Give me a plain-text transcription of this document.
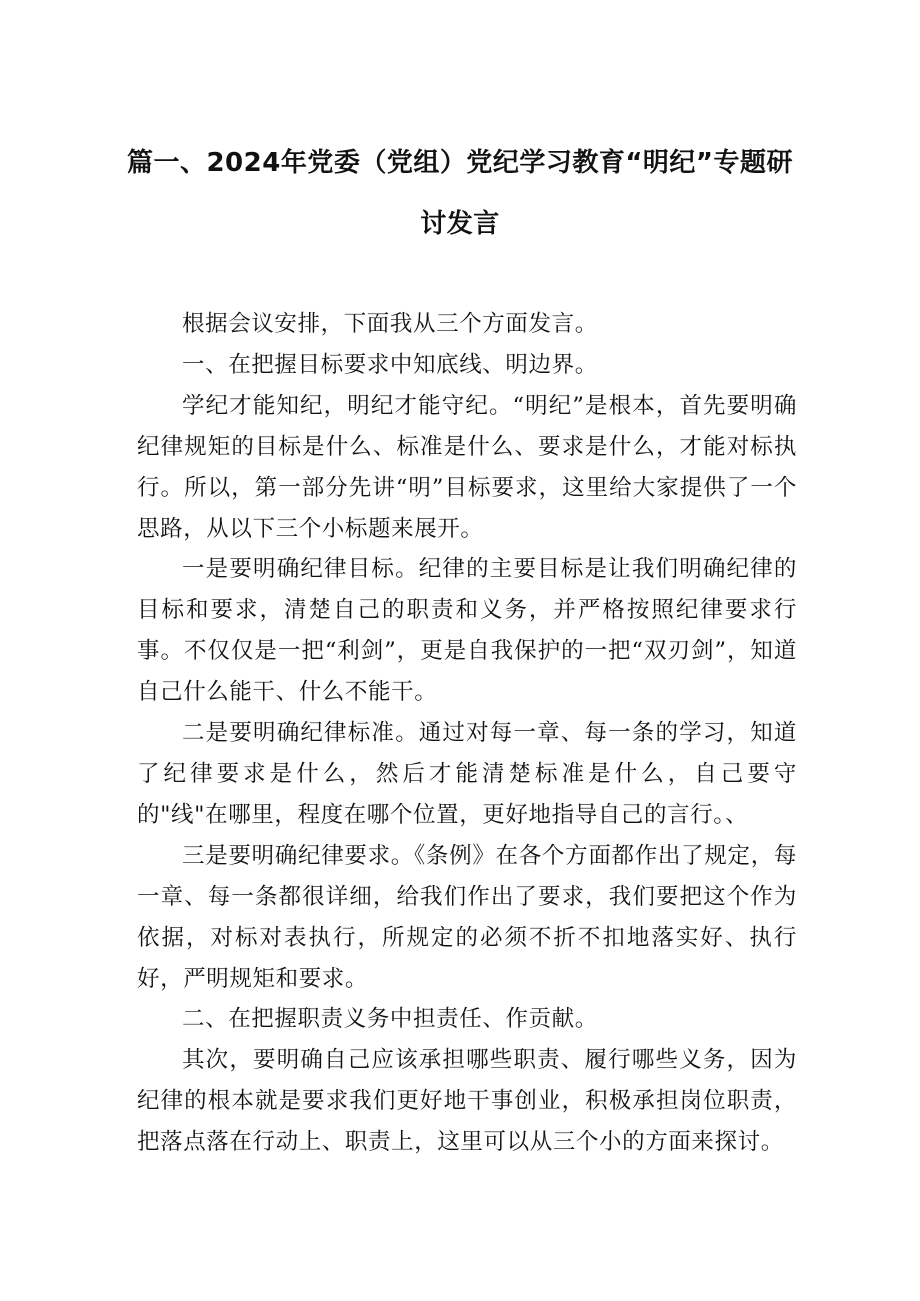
篇一、2024年党委（党组）党纪学习教育“明纪”专题研
讨发言

根据会议安排，下面我从三个方面发言。

一、在把握目标要求中知底线、明边界。

学纪才能知纪，明纪才能守纪。“明纪”是根本，首先要明确纪律规矩的目标是什么、标准是什么、要求是什么，才能对标执行。所以，第一部分先讲“明”目标要求，这里给大家提供了一个思路，从以下三个小标题来展开。

一是要明确纪律目标。纪律的主要目标是让我们明确纪律的目标和要求，清楚自己的职责和义务，并严格按照纪律要求行事。不仅仅是一把“利剑”，更是自我保护的一把“双刃剑”，知道自己什么能干、什么不能干。

二是要明确纪律标准。通过对每一章、每一条的学习，知道了纪律要求是什么，然后才能清楚标准是什么，自己要守的"线"在哪里，程度在哪个位置，更好地指导自己的言行。、

三是要明确纪律要求。《条例》在各个方面都作出了规定，每一章、每一条都很详细，给我们作出了要求，我们要把这个作为依据，对标对表执行，所规定的必须不折不扣地落实好、执行好，严明规矩和要求。

二、在把握职责义务中担责任、作贡献。

其次，要明确自己应该承担哪些职责、履行哪些义务，因为纪律的根本就是要求我们更好地干事创业，积极承担岗位职责，把落点落在行动上、职责上，这里可以从三个小的方面来探讨。
